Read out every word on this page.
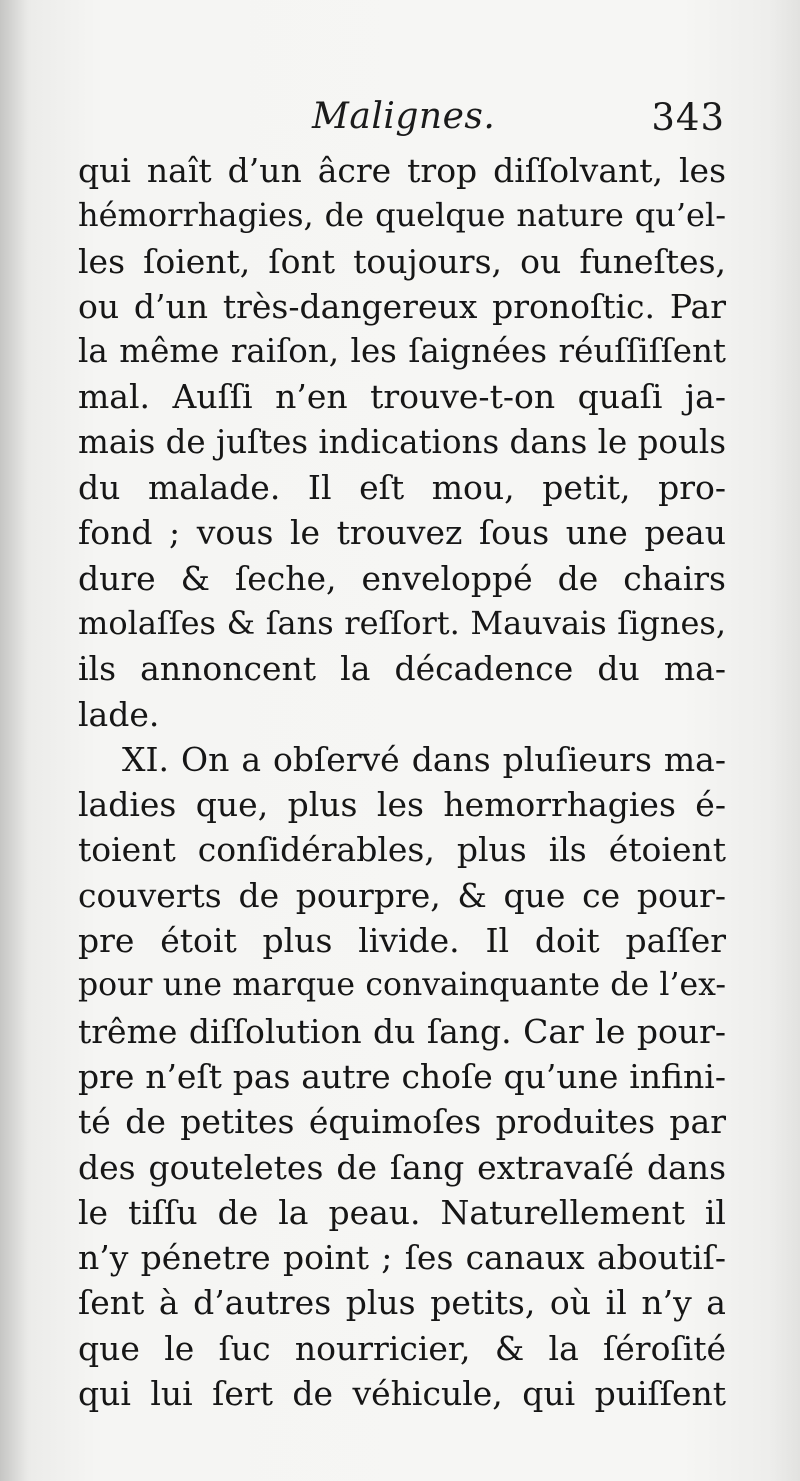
Malignes.	343
qui naît d’un âcre trop diſſolvant, les
hémorrhagies, de quelque nature qu’el-
les ſoient, ſont toujours, ou funeſtes,
ou d’un très-dangereux pronoſtic. Par
la même raiſon, les ſaignées réuſſiſſent
mal. Auſſi n’en trouve-t-on quaſi ja-
mais de juſtes indications dans le pouls
du malade. Il eſt mou, petit, pro-
fond ; vous le trouvez ſous une peau
dure & ſeche, enveloppé de chairs
molaſſes & ſans reſſort. Mauvais ſignes,
ils annoncent la décadence du ma-
lade.
XI. On a obſervé dans pluſieurs ma-
ladies que, plus les hemorrhagies é-
toient conſidérables, plus ils étoient
couverts de pourpre, & que ce pour-
pre étoit plus livide. Il doit paſſer
pour une marque convainquante de l’ex-
trême diſſolution du ſang. Car le pour-
pre n’eſt pas autre choſe qu’une infini-
té de petites équimoſes produites par
des gouteletes de ſang extravaſé dans
le tiſſu de la peau. Naturellement il
n’y pénetre point ; ſes canaux aboutiſ-
ſent à d’autres plus petits, où il n’y a
que le ſuc nourricier, & la ſéroſité
qui lui ſert de véhicule, qui puiſſent
